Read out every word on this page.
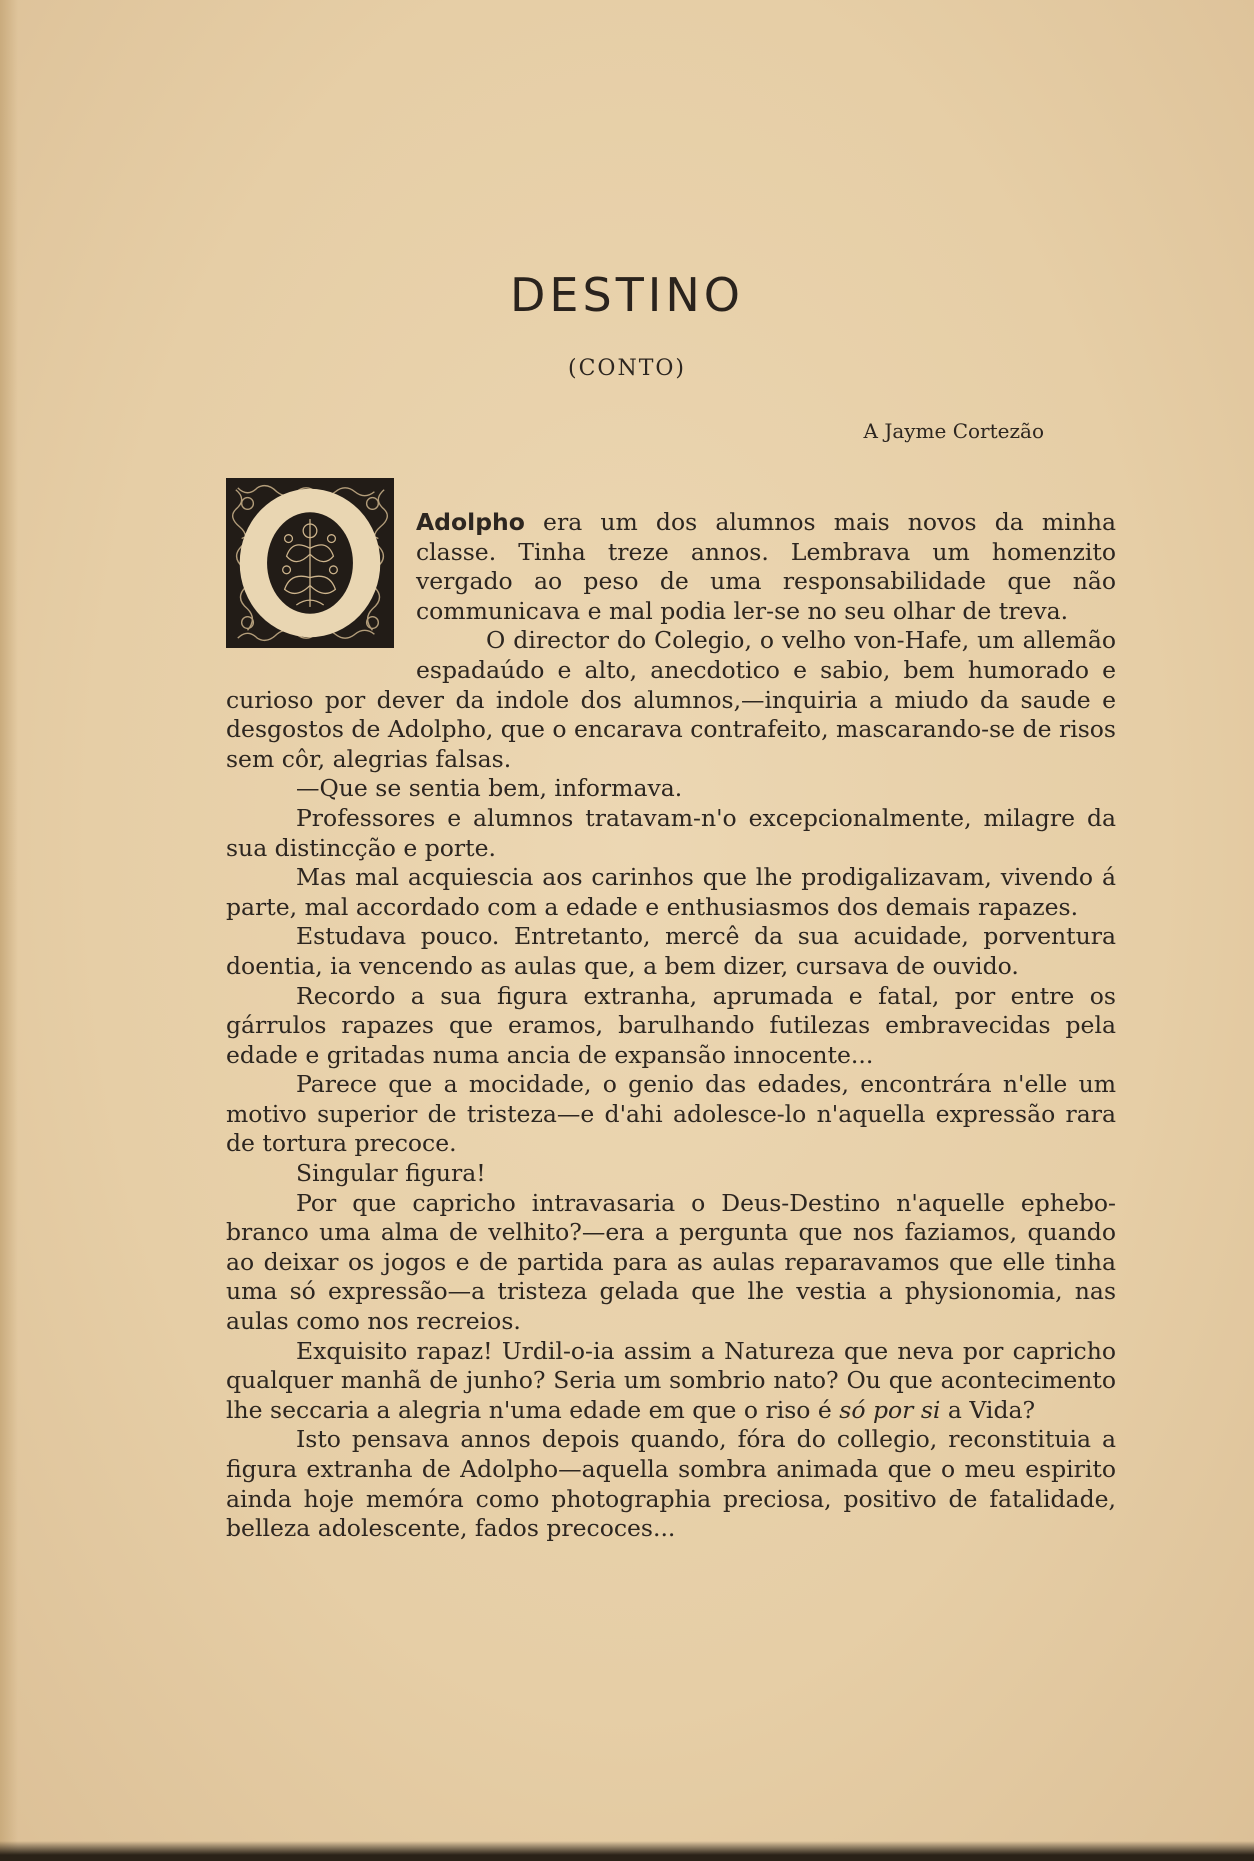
DESTINO
(CONTO)
A Jayme Cortezão

Adolpho era um dos alumnos mais novos da minha classe. Tinha treze annos. Lembrava um homenzito vergado ao peso de uma responsabilidade que não communicava e mal podia ler-se no seu olhar de treva.

O director do Colegio, o velho von-Hafe, um allemão espadaúdo e alto, anecdotico e sabio, bem humorado e curioso por dever da indole dos alumnos,—inquiria a miudo da saude e desgostos de Adolpho, que o encarava contrafeito, mascarando-se de risos sem côr, alegrias falsas.

—Que se sentia bem, informava.

Professores e alumnos tratavam-n'o excepcionalmente, milagre da sua distincção e porte.

Mas mal acquiescia aos carinhos que lhe prodigalizavam, vivendo á parte, mal accordado com a edade e enthusiasmos dos demais rapazes.

Estudava pouco. Entretanto, mercê da sua acuidade, porventura doentia, ia vencendo as aulas que, a bem dizer, cursava de ouvido.

Recordo a sua figura extranha, aprumada e fatal, por entre os gárrulos rapazes que eramos, barulhando futilezas embravecidas pela edade e gritadas numa ancia de expansão innocente...

Parece que a mocidade, o genio das edades, encontrára n'elle um motivo superior de tristeza—e d'ahi adolesce-lo n'aquella expressão rara de tortura precoce.

Singular figura!

Por que capricho intravasaria o Deus-Destino n'aquelle ephebo-branco uma alma de velhito?—era a pergunta que nos faziamos, quando ao deixar os jogos e de partida para as aulas reparavamos que elle tinha uma só expressão—a tristeza gelada que lhe vestia a physionomia, nas aulas como nos recreios.

Exquisito rapaz! Urdil-o-ia assim a Natureza que neva por capricho qualquer manhã de junho? Seria um sombrio nato? Ou que acontecimento lhe seccaria a alegria n'uma edade em que o riso é só por si a Vida?

Isto pensava annos depois quando, fóra do collegio, reconstituia a figura extranha de Adolpho—aquella sombra animada que o meu espirito ainda hoje memóra como photographia preciosa, positivo de fatalidade, belleza adolescente, fados precoces...
